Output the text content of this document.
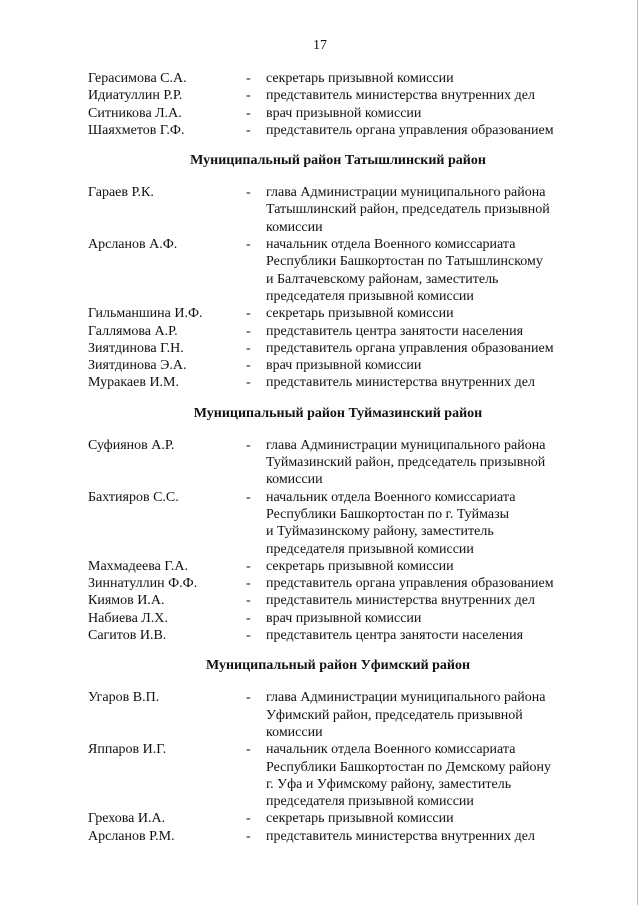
17
Герасимова С.А.	-	секретарь призывной комиссии
Идиатуллин Р.Р.	-	представитель министерства внутренних дел
Ситникова Л.А.	-	врач призывной комиссии
Шаяхметов Г.Ф.	-	представитель органа управления образованием
Муниципальный район Татышлинский район
Гараев Р.К.	-	глава Администрации муниципального района
Татышлинский район, председатель призывной
комиссии
Арсланов А.Ф.	-	начальник отдела Военного комиссариата
Республики Башкортостан по Татышлинскому
и Балтачевскому районам, заместитель
председателя призывной комиссии
Гильманшина И.Ф.	-	секретарь призывной комиссии
Галлямова А.Р.	-	представитель центра занятости населения
Зиятдинова Г.Н.	-	представитель органа управления образованием
Зиятдинова Э.А.	-	врач призывной комиссии
Муракаев И.М.	-	представитель министерства внутренних дел
Муниципальный район Туймазинский район
Суфиянов А.Р.	-	глава Администрации муниципального района
Туймазинский район, председатель призывной
комиссии
Бахтияров С.С.	-	начальник отдела Военного комиссариата
Республики Башкортостан по г. Туймазы
и Туймазинскому району, заместитель
председателя призывной комиссии
Махмадеева Г.А.	-	секретарь призывной комиссии
Зиннатуллин Ф.Ф.	-	представитель органа управления образованием
Киямов И.А.	-	представитель министерства внутренних дел
Набиева Л.Х.	-	врач призывной комиссии
Сагитов И.В.	-	представитель центра занятости населения
Муниципальный район Уфимский район
Угаров В.П.	-	глава Администрации муниципального района
Уфимский район, председатель призывной
комиссии
Яппаров И.Г.	-	начальник отдела Военного комиссариата
Республики Башкортостан по Демскому району
г. Уфа и Уфимскому району, заместитель
председателя призывной комиссии
Грехова И.А.	-	секретарь призывной комиссии
Арсланов Р.М.	-	представитель министерства внутренних дел
